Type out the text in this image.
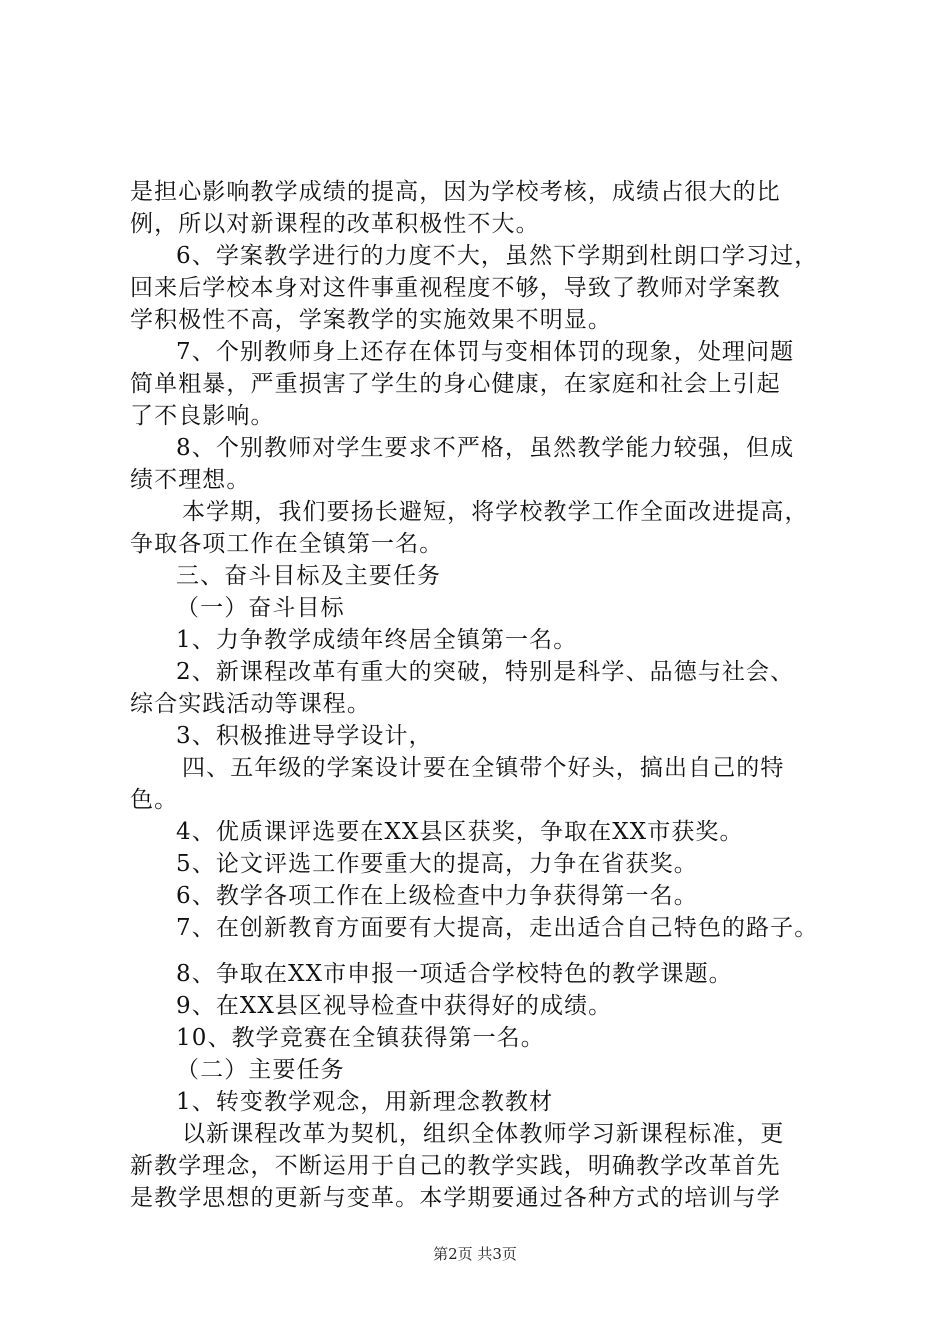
是担心影响教学成绩的提高，因为学校考核，成绩占很大的比
例，所以对新课程的改革积极性不大。
6、学案教学进行的力度不大，虽然下学期到杜朗口学习过，
回来后学校本身对这件事重视程度不够，导致了教师对学案教
学积极性不高，学案教学的实施效果不明显。
7、个别教师身上还存在体罚与变相体罚的现象，处理问题
简单粗暴，严重损害了学生的身心健康，在家庭和社会上引起
了不良影响。
8、个别教师对学生要求不严格，虽然教学能力较强，但成
绩不理想。
本学期，我们要扬长避短，将学校教学工作全面改进提高，
争取各项工作在全镇第一名。
三、奋斗目标及主要任务
（一）奋斗目标
1、力争教学成绩年终居全镇第一名。
2、新课程改革有重大的突破，特别是科学、品德与社会、
综合实践活动等课程。
3、积极推进导学设计，
四、五年级的学案设计要在全镇带个好头，搞出自己的特
色。
4、优质课评选要在XX县区获奖，争取在XX市获奖。
5、论文评选工作要重大的提高，力争在省获奖。
6、教学各项工作在上级检查中力争获得第一名。
7、在创新教育方面要有大提高，走出适合自己特色的路子。
8、争取在XX市申报一项适合学校特色的教学课题。
9、在XX县区视导检查中获得好的成绩。
10、教学竞赛在全镇获得第一名。
（二）主要任务
1、转变教学观念，用新理念教教材
以新课程改革为契机，组织全体教师学习新课程标准，更
新教学理念，不断运用于自己的教学实践，明确教学改革首先
是教学思想的更新与变革。本学期要通过各种方式的培训与学
第2页 共3页
